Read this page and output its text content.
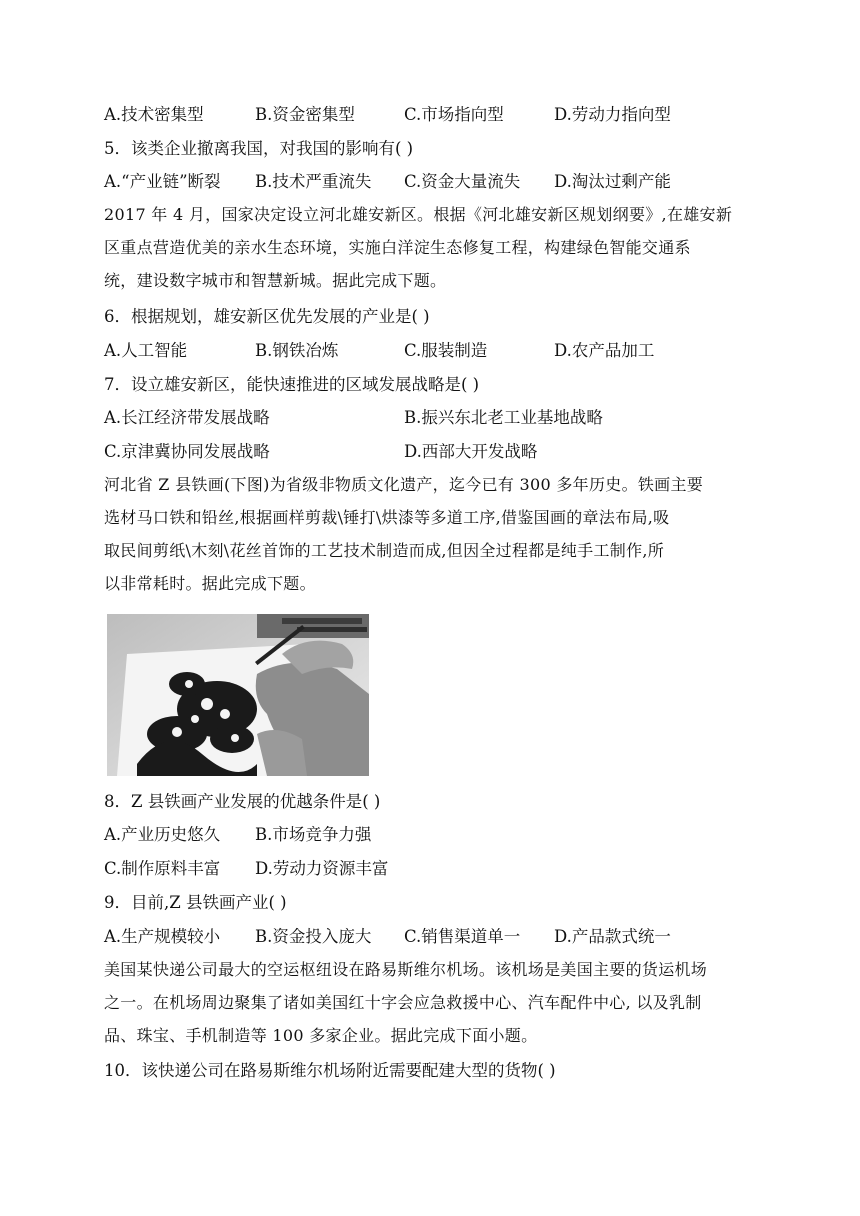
A.技术密集型	B.资金密集型	C.市场指向型	D.劳动力指向型
5．该类企业撤离我国，对我国的影响有( )
A.“产业链”断裂 B.技术严重流失 C.资金大量流失 D.淘汰过剩产能
2017 年 4 月，国家决定设立河北雄安新区。根据《河北雄安新区规划纲要》,在雄安新
区重点营造优美的亲水生态环境，实施白洋淀生态修复工程，构建绿色智能交通系
统，建设数字城市和智慧新城。据此完成下题。
6．根据规划，雄安新区优先发展的产业是( )
A.人工智能	B.钢铁冶炼	C.服装制造	D.农产品加工
7．设立雄安新区，能快速推进的区域发展战略是( )
A.长江经济带发展战略	B.振兴东北老工业基地战略
C.京津冀协同发展战略	D.西部大开发战略
河北省 Z 县铁画(下图)为省级非物质文化遗产，迄今已有 300 多年历史。铁画主要
选材马口铁和铅丝,根据画样剪裁\锤打\烘漆等多道工序,借鉴国画的章法布局,吸
取民间剪纸\木刻\花丝首饰的工艺技术制造而成,但因全过程都是纯手工制作,所
以非常耗时。据此完成下题。
8．Z 县铁画产业发展的优越条件是( )
A.产业历史悠久 B.市场竞争力强
C.制作原料丰富 D.劳动力资源丰富
9．目前,Z 县铁画产业( )
A.生产规模较小 B.资金投入庞大 C.销售渠道单一 D.产品款式统一
美国某快递公司最大的空运枢纽设在路易斯维尔机场。该机场是美国主要的货运机场
之一。在机场周边聚集了诸如美国红十字会应急救援中心、汽车配件中心, 以及乳制
品、珠宝、手机制造等 100 多家企业。据此完成下面小题。
10．该快递公司在路易斯维尔机场附近需要配建大型的货物( )
